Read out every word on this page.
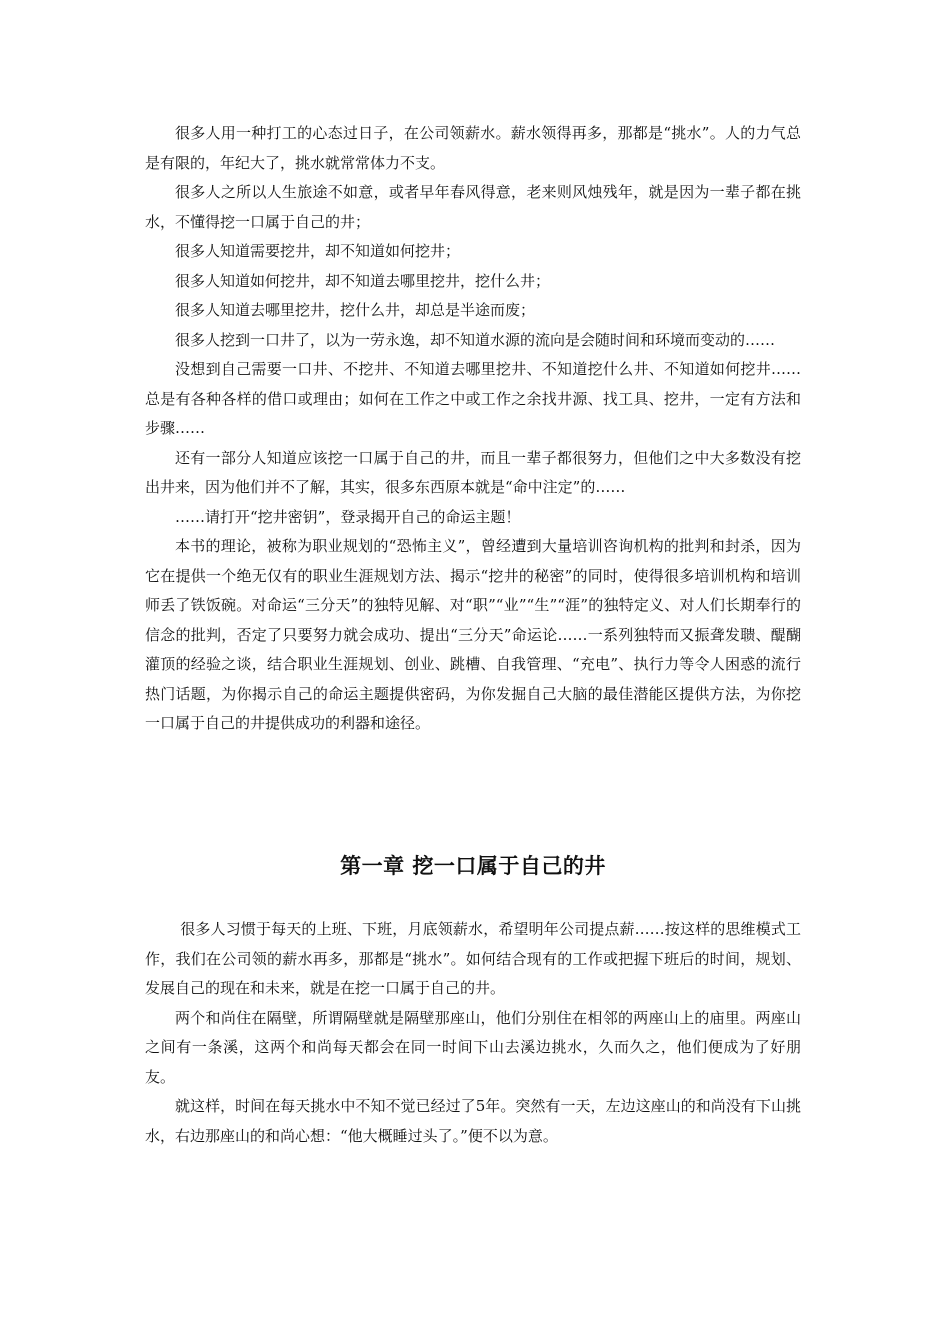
很多人用一种打工的心态过日子，在公司领薪水。薪水领得再多，那都是“挑水”。人的力气总是有限的，年纪大了，挑水就常常体力不支。

很多人之所以人生旅途不如意，或者早年春风得意，老来则风烛残年，就是因为一辈子都在挑水，不懂得挖一口属于自己的井；

很多人知道需要挖井，却不知道如何挖井；

很多人知道如何挖井，却不知道去哪里挖井，挖什么井；

很多人知道去哪里挖井，挖什么井，却总是半途而废；

很多人挖到一口井了，以为一劳永逸，却不知道水源的流向是会随时间和环境而变动的……

没想到自己需要一口井、不挖井、不知道去哪里挖井、不知道挖什么井、不知道如何挖井……总是有各种各样的借口或理由；如何在工作之中或工作之余找井源、找工具、挖井，一定有方法和步骤……

还有一部分人知道应该挖一口属于自己的井，而且一辈子都很努力，但他们之中大多数没有挖出井来，因为他们并不了解，其实，很多东西原本就是“命中注定”的……

……请打开“挖井密钥”，登录揭开自己的命运主题！

本书的理论，被称为职业规划的“恐怖主义”，曾经遭到大量培训咨询机构的批判和封杀，因为它在提供一个绝无仅有的职业生涯规划方法、揭示“挖井的秘密”的同时，使得很多培训机构和培训师丢了铁饭碗。对命运“三分天”的独特见解、对“职”“业”“生”“涯”的独特定义、对人们长期奉行的信念的批判，否定了只要努力就会成功、提出“三分天”命运论……一系列独特而又振聋发聩、醍醐灌顶的经验之谈，结合职业生涯规划、创业、跳槽、自我管理、“充电”、执行力等令人困惑的流行热门话题，为你揭示自己的命运主题提供密码，为你发掘自己大脑的最佳潜能区提供方法，为你挖一口属于自己的井提供成功的利器和途径。

第一章 挖一口属于自己的井

很多人习惯于每天的上班、下班，月底领薪水，希望明年公司提点薪……按这样的思维模式工作，我们在公司领的薪水再多，那都是“挑水”。如何结合现有的工作或把握下班后的时间，规划、发展自己的现在和未来，就是在挖一口属于自己的井。

两个和尚住在隔壁，所谓隔壁就是隔壁那座山，他们分别住在相邻的两座山上的庙里。两座山之间有一条溪，这两个和尚每天都会在同一时间下山去溪边挑水，久而久之，他们便成为了好朋友。

就这样，时间在每天挑水中不知不觉已经过了5年。突然有一天，左边这座山的和尚没有下山挑水，右边那座山的和尚心想：“他大概睡过头了。”便不以为意。
